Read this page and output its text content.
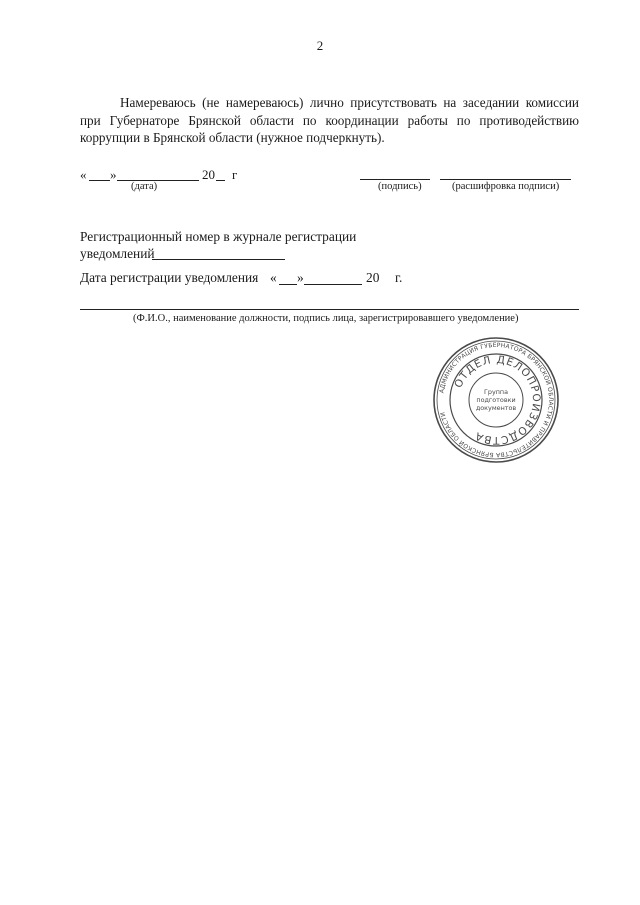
2
Намереваюсь (не намереваюсь) лично присутствовать на заседании комиссии при Губернаторе Брянской области по координации работы по противодействию коррупции в Брянской области (нужное подчеркнуть).
« »	20 г
(дата)	(подпись)	(расшифровка подписи)
Регистрационный номер в журнале регистрации
уведомлений
Дата регистрации уведомления « »	20 г.
(Ф.И.О., наименование должности, подпись лица, зарегистрировавшего уведомление)
АДМИНИСТРАЦИЯ ГУБЕРНАТОРА БРЯНСКОЙ ОБЛАСТИ И ПРАВИТЕЛЬСТВА БРЯНСКОЙ ОБЛАСТИ
ОТДЕЛ ДЕЛОПРОИЗВОДСТВА
Группа
подготовки
документов
